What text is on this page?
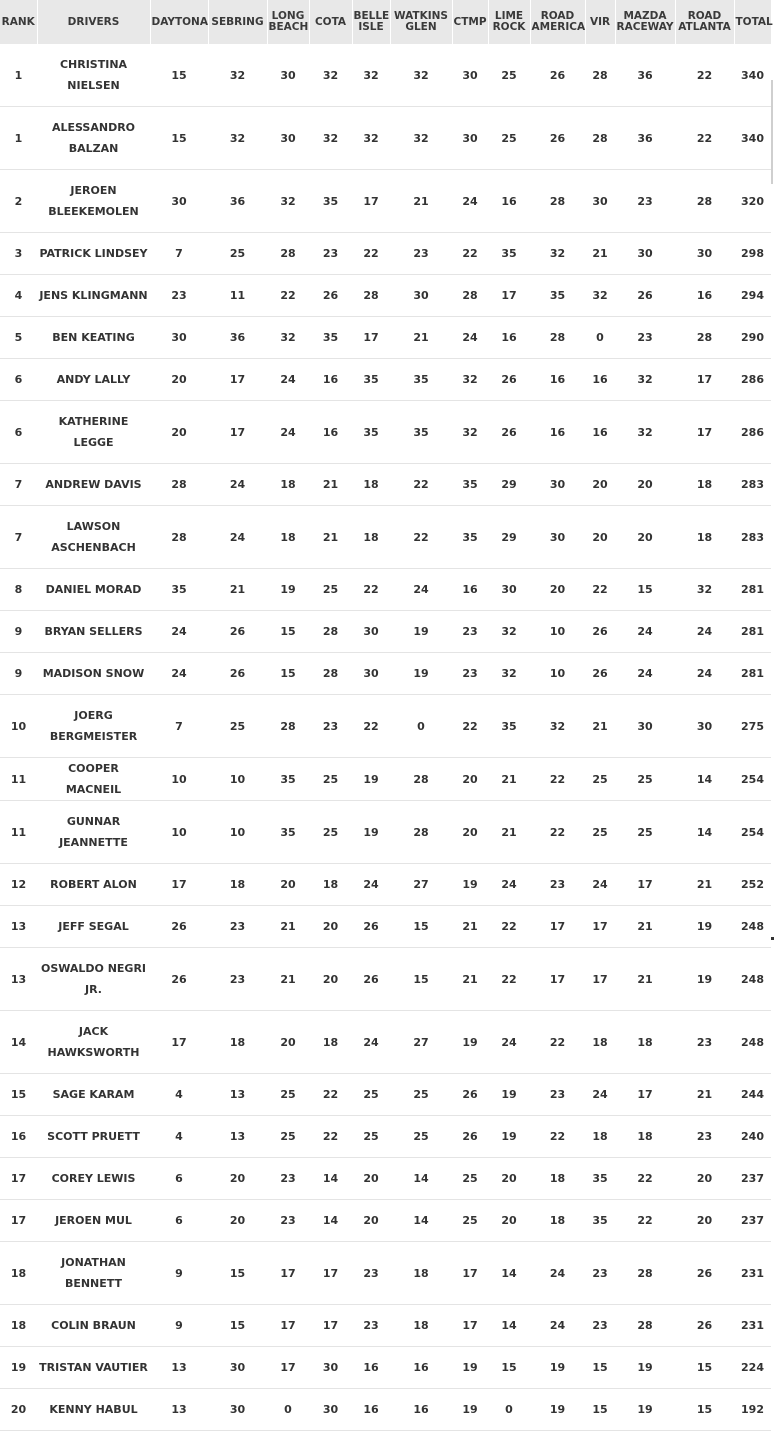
RANK	DRIVERS	DAYTONA	SEBRING	LONG BEACH	COTA	BELLE ISLE	WATKINS GLEN	CTMP	LIME ROCK	ROAD AMERICA	VIR	MAZDA RACEWAY	ROAD ATLANTA	TOTAL
1	CHRISTINA NIELSEN	15	32	30	32	32	32	30	25	26	28	36	22	340
1	ALESSANDRO BALZAN	15	32	30	32	32	32	30	25	26	28	36	22	340
2	JEROEN BLEEKEMOLEN	30	36	32	35	17	21	24	16	28	30	23	28	320
3	PATRICK LINDSEY	7	25	28	23	22	23	22	35	32	21	30	30	298
4	JENS KLINGMANN	23	11	22	26	28	30	28	17	35	32	26	16	294
5	BEN KEATING	30	36	32	35	17	21	24	16	28	0	23	28	290
6	ANDY LALLY	20	17	24	16	35	35	32	26	16	16	32	17	286
6	KATHERINE LEGGE	20	17	24	16	35	35	32	26	16	16	32	17	286
7	ANDREW DAVIS	28	24	18	21	18	22	35	29	30	20	20	18	283
7	LAWSON ASCHENBACH	28	24	18	21	18	22	35	29	30	20	20	18	283
8	DANIEL MORAD	35	21	19	25	22	24	16	30	20	22	15	32	281
9	BRYAN SELLERS	24	26	15	28	30	19	23	32	10	26	24	24	281
9	MADISON SNOW	24	26	15	28	30	19	23	32	10	26	24	24	281
10	JOERG BERGMEISTER	7	25	28	23	22	0	22	35	32	21	30	30	275
11	COOPER MACNEIL	10	10	35	25	19	28	20	21	22	25	25	14	254
11	GUNNAR JEANNETTE	10	10	35	25	19	28	20	21	22	25	25	14	254
12	ROBERT ALON	17	18	20	18	24	27	19	24	23	24	17	21	252
13	JEFF SEGAL	26	23	21	20	26	15	21	22	17	17	21	19	248
13	OSWALDO NEGRI JR.	26	23	21	20	26	15	21	22	17	17	21	19	248
14	JACK HAWKSWORTH	17	18	20	18	24	27	19	24	22	18	18	23	248
15	SAGE KARAM	4	13	25	22	25	25	26	19	23	24	17	21	244
16	SCOTT PRUETT	4	13	25	22	25	25	26	19	22	18	18	23	240
17	COREY LEWIS	6	20	23	14	20	14	25	20	18	35	22	20	237
17	JEROEN MUL	6	20	23	14	20	14	25	20	18	35	22	20	237
18	JONATHAN BENNETT	9	15	17	17	23	18	17	14	24	23	28	26	231
18	COLIN BRAUN	9	15	17	17	23	18	17	14	24	23	28	26	231
19	TRISTAN VAUTIER	13	30	17	30	16	16	19	15	19	15	19	15	224
20	KENNY HABUL	13	30	0	30	16	16	19	0	19	15	19	15	192
